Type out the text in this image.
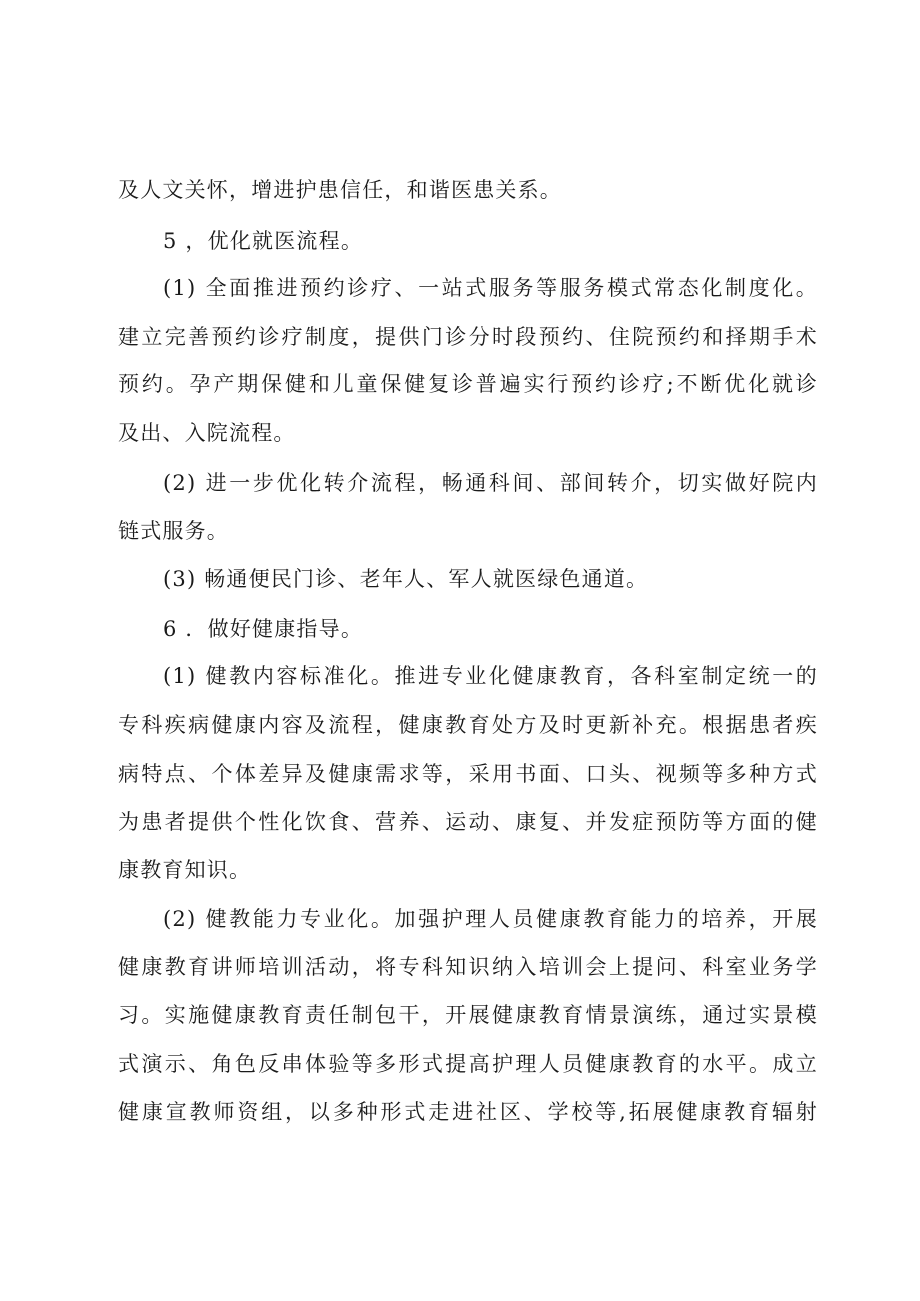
及人文关怀，增进护患信任，和谐医患关系。
5 ，优化就医流程。
(1) 全面推进预约诊疗、一站式服务等服务模式常态化制度化。
建立完善预约诊疗制度，提供门诊分时段预约、住院预约和择期手术
预约。孕产期保健和儿童保健复诊普遍实行预约诊疗;不断优化就诊
及出、入院流程。
(2) 进一步优化转介流程，畅通科间、部间转介，切实做好院内
链式服务。
(3) 畅通便民门诊、老年人、军人就医绿色通道。
6 ．做好健康指导。
(1) 健教内容标准化。推进专业化健康教育，各科室制定统一的
专科疾病健康内容及流程，健康教育处方及时更新补充。根据患者疾
病特点、个体差异及健康需求等，采用书面、口头、视频等多种方式
为患者提供个性化饮食、营养、运动、康复、并发症预防等方面的健
康教育知识。
(2) 健教能力专业化。加强护理人员健康教育能力的培养，开展
健康教育讲师培训活动，将专科知识纳入培训会上提问、科室业务学
习。实施健康教育责任制包干，开展健康教育情景演练，通过实景模
式演示、角色反串体验等多形式提高护理人员健康教育的水平。成立
健康宣教师资组，以多种形式走进社区、学校等,拓展健康教育辐射
